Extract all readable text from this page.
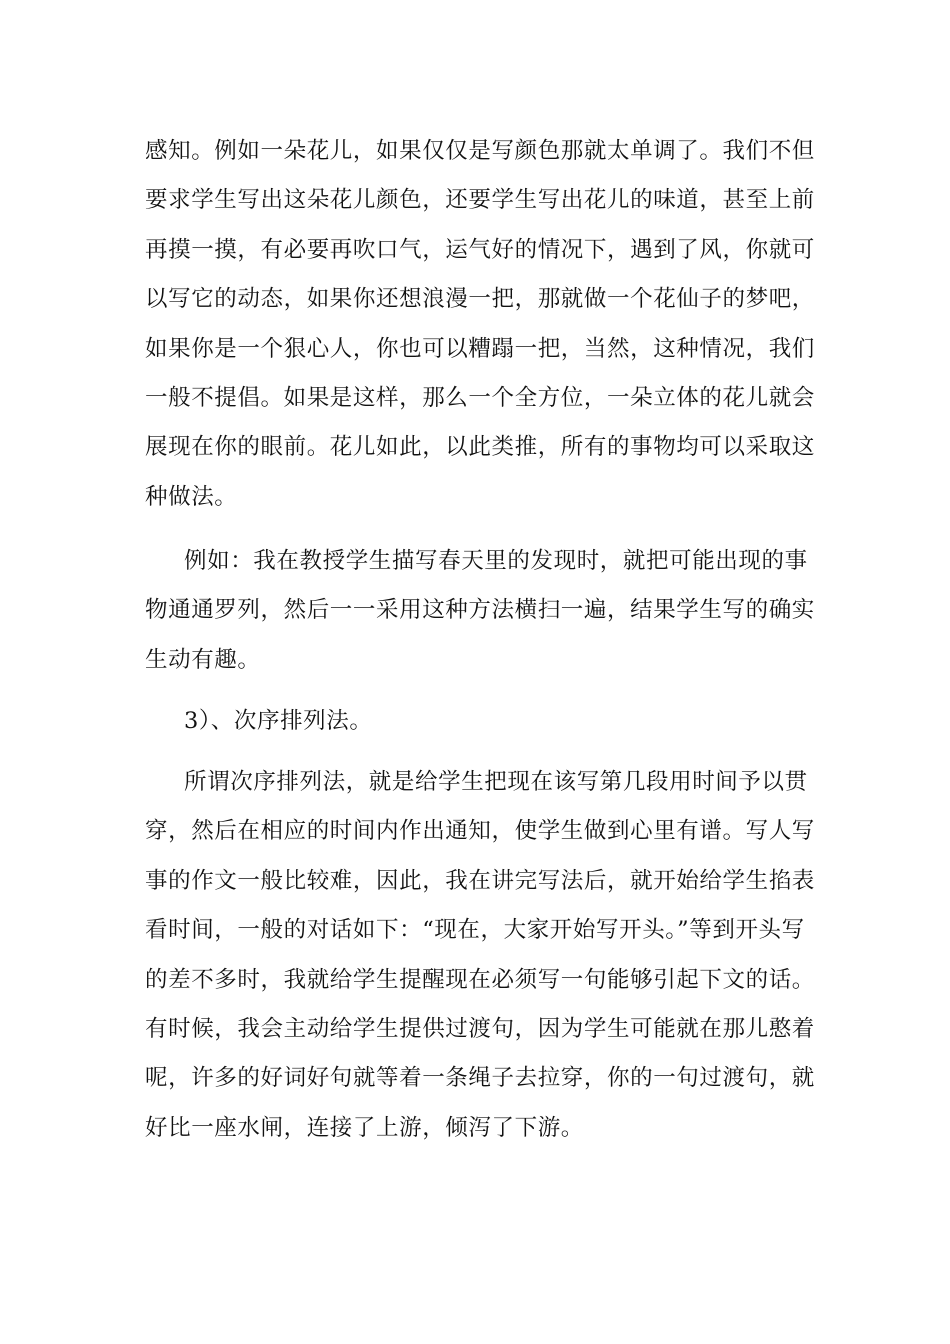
感知。例如一朵花儿，如果仅仅是写颜色那就太单调了。我们不但要求学生写出这朵花儿颜色，还要学生写出花儿的味道，甚至上前再摸一摸，有必要再吹口气，运气好的情况下，遇到了风，你就可以写它的动态，如果你还想浪漫一把，那就做一个花仙子的梦吧，如果你是一个狠心人，你也可以糟蹋一把，当然，这种情况，我们一般不提倡。如果是这样，那么一个全方位，一朵立体的花儿就会展现在你的眼前。花儿如此，以此类推，所有的事物均可以采取这种做法。

例如：我在教授学生描写春天里的发现时，就把可能出现的事物通通罗列，然后一一采用这种方法横扫一遍，结果学生写的确实生动有趣。

3）、次序排列法。

所谓次序排列法，就是给学生把现在该写第几段用时间予以贯穿，然后在相应的时间内作出通知，使学生做到心里有谱。写人写事的作文一般比较难，因此，我在讲完写法后，就开始给学生掐表看时间，一般的对话如下：“现在，大家开始写开头。”等到开头写的差不多时，我就给学生提醒现在必须写一句能够引起下文的话。有时候，我会主动给学生提供过渡句，因为学生可能就在那儿憨着呢，许多的好词好句就等着一条绳子去拉穿，你的一句过渡句，就好比一座水闸，连接了上游，倾泻了下游。
